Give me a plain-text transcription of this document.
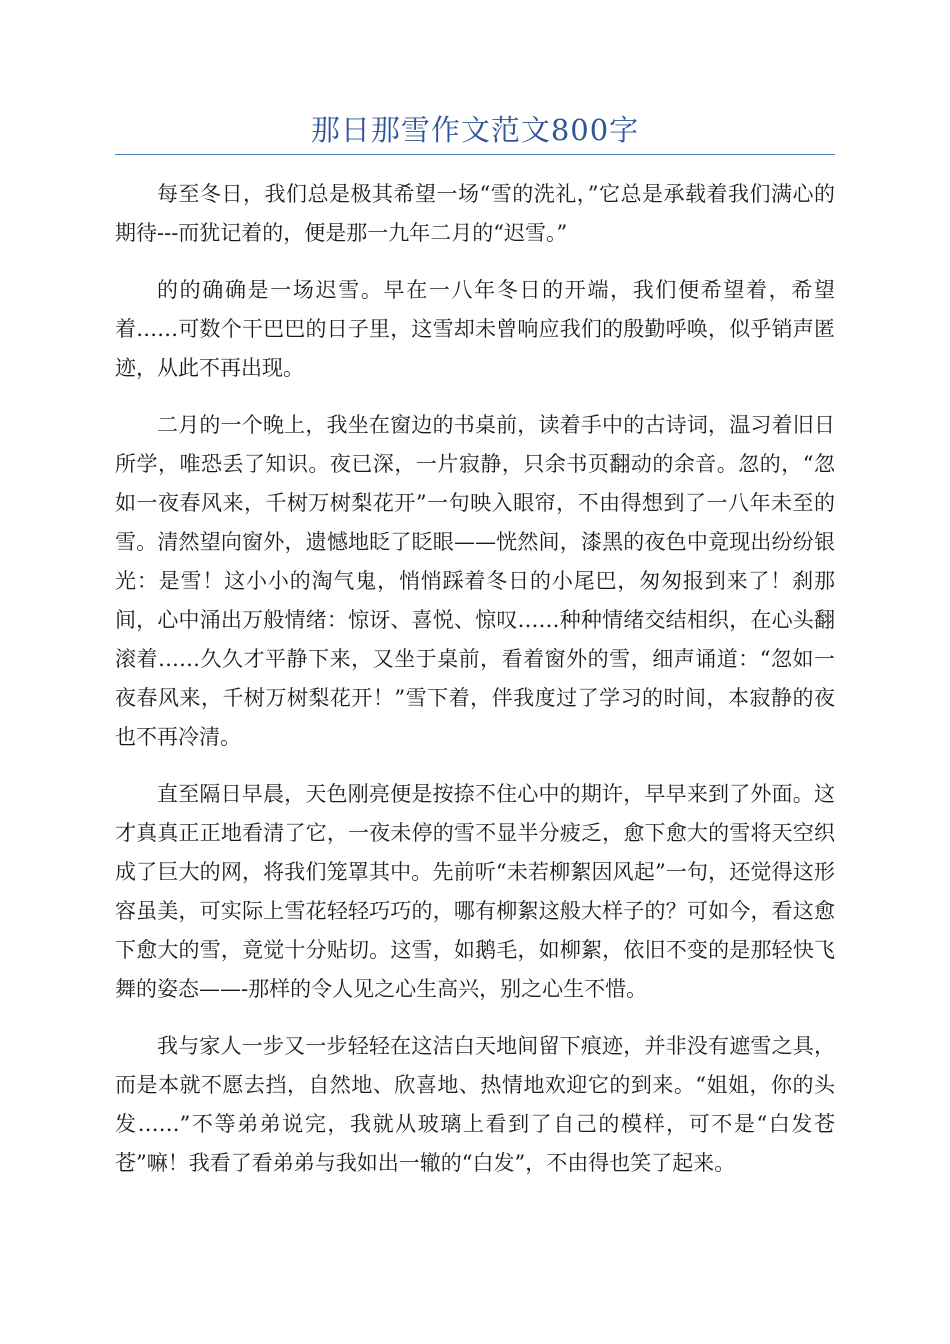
那日那雪作文范文800字

每至冬日，我们总是极其希望一场“雪的洗礼，”它总是承载着我们满心的期待---而犹记着的，便是那一九年二月的“迟雪。”

的的确确是一场迟雪。早在一八年冬日的开端，我们便希望着，希望着……可数个干巴巴的日子里，这雪却未曾响应我们的殷勤呼唤，似乎销声匿迹，从此不再出现。

二月的一个晚上，我坐在窗边的书桌前，读着手中的古诗词，温习着旧日所学，唯恐丢了知识。夜已深，一片寂静，只余书页翻动的余音。忽的，“忽如一夜春风来，千树万树梨花开”一句映入眼帘，不由得想到了一八年未至的雪。清然望向窗外，遗憾地眨了眨眼——恍然间，漆黑的夜色中竟现出纷纷银光：是雪！这小小的淘气鬼，悄悄踩着冬日的小尾巴，匆匆报到来了！刹那间，心中涌出万般情绪：惊讶、喜悦、惊叹……种种情绪交结相织，在心头翻滚着……久久才平静下来，又坐于桌前，看着窗外的雪，细声诵道：“忽如一夜春风来，千树万树梨花开！”雪下着，伴我度过了学习的时间，本寂静的夜也不再冷清。

直至隔日早晨，天色刚亮便是按捺不住心中的期许，早早来到了外面。这才真真正正地看清了它，一夜未停的雪不显半分疲乏，愈下愈大的雪将天空织成了巨大的网，将我们笼罩其中。先前听“未若柳絮因风起”一句，还觉得这形容虽美，可实际上雪花轻轻巧巧的，哪有柳絮这般大样子的？可如今，看这愈下愈大的雪，竟觉十分贴切。这雪，如鹅毛，如柳絮，依旧不变的是那轻快飞舞的姿态——-那样的令人见之心生高兴，别之心生不惜。

我与家人一步又一步轻轻在这洁白天地间留下痕迹，并非没有遮雪之具，而是本就不愿去挡，自然地、欣喜地、热情地欢迎它的到来。“姐姐，你的头发……”不等弟弟说完，我就从玻璃上看到了自己的模样，可不是“白发苍苍”嘛！我看了看弟弟与我如出一辙的“白发”，不由得也笑了起来。
